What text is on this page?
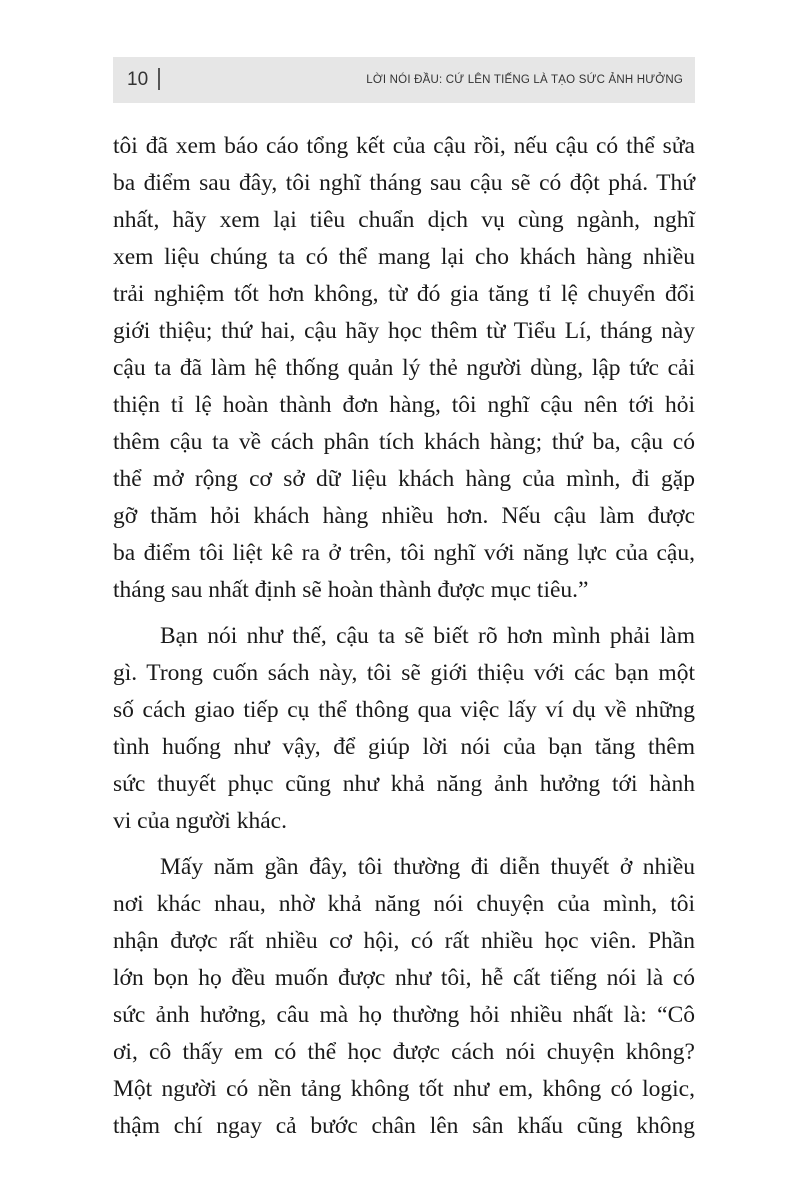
10	LỜI NÓI ĐẦU: CỨ LÊN TIẾNG LÀ TẠO SỨC ẢNH HƯỞNG
tôi đã xem báo cáo tổng kết của cậu rồi, nếu cậu có thể sửa
ba điểm sau đây, tôi nghĩ tháng sau cậu sẽ có đột phá. Thứ
nhất, hãy xem lại tiêu chuẩn dịch vụ cùng ngành, nghĩ
xem liệu chúng ta có thể mang lại cho khách hàng nhiều
trải nghiệm tốt hơn không, từ đó gia tăng tỉ lệ chuyển đổi
giới thiệu; thứ hai, cậu hãy học thêm từ Tiểu Lí, tháng này
cậu ta đã làm hệ thống quản lý thẻ người dùng, lập tức cải
thiện tỉ lệ hoàn thành đơn hàng, tôi nghĩ cậu nên tới hỏi
thêm cậu ta về cách phân tích khách hàng; thứ ba, cậu có
thể mở rộng cơ sở dữ liệu khách hàng của mình, đi gặp
gỡ thăm hỏi khách hàng nhiều hơn. Nếu cậu làm được
ba điểm tôi liệt kê ra ở trên, tôi nghĩ với năng lực của cậu,
tháng sau nhất định sẽ hoàn thành được mục tiêu.”
Bạn nói như thế, cậu ta sẽ biết rõ hơn mình phải làm
gì. Trong cuốn sách này, tôi sẽ giới thiệu với các bạn một
số cách giao tiếp cụ thể thông qua việc lấy ví dụ về những
tình huống như vậy, để giúp lời nói của bạn tăng thêm
sức thuyết phục cũng như khả năng ảnh hưởng tới hành
vi của người khác.
Mấy năm gần đây, tôi thường đi diễn thuyết ở nhiều
nơi khác nhau, nhờ khả năng nói chuyện của mình, tôi
nhận được rất nhiều cơ hội, có rất nhiều học viên. Phần
lớn bọn họ đều muốn được như tôi, hễ cất tiếng nói là có
sức ảnh hưởng, câu mà họ thường hỏi nhiều nhất là: “Cô
ơi, cô thấy em có thể học được cách nói chuyện không?
Một người có nền tảng không tốt như em, không có logic,
thậm chí ngay cả bước chân lên sân khấu cũng không
